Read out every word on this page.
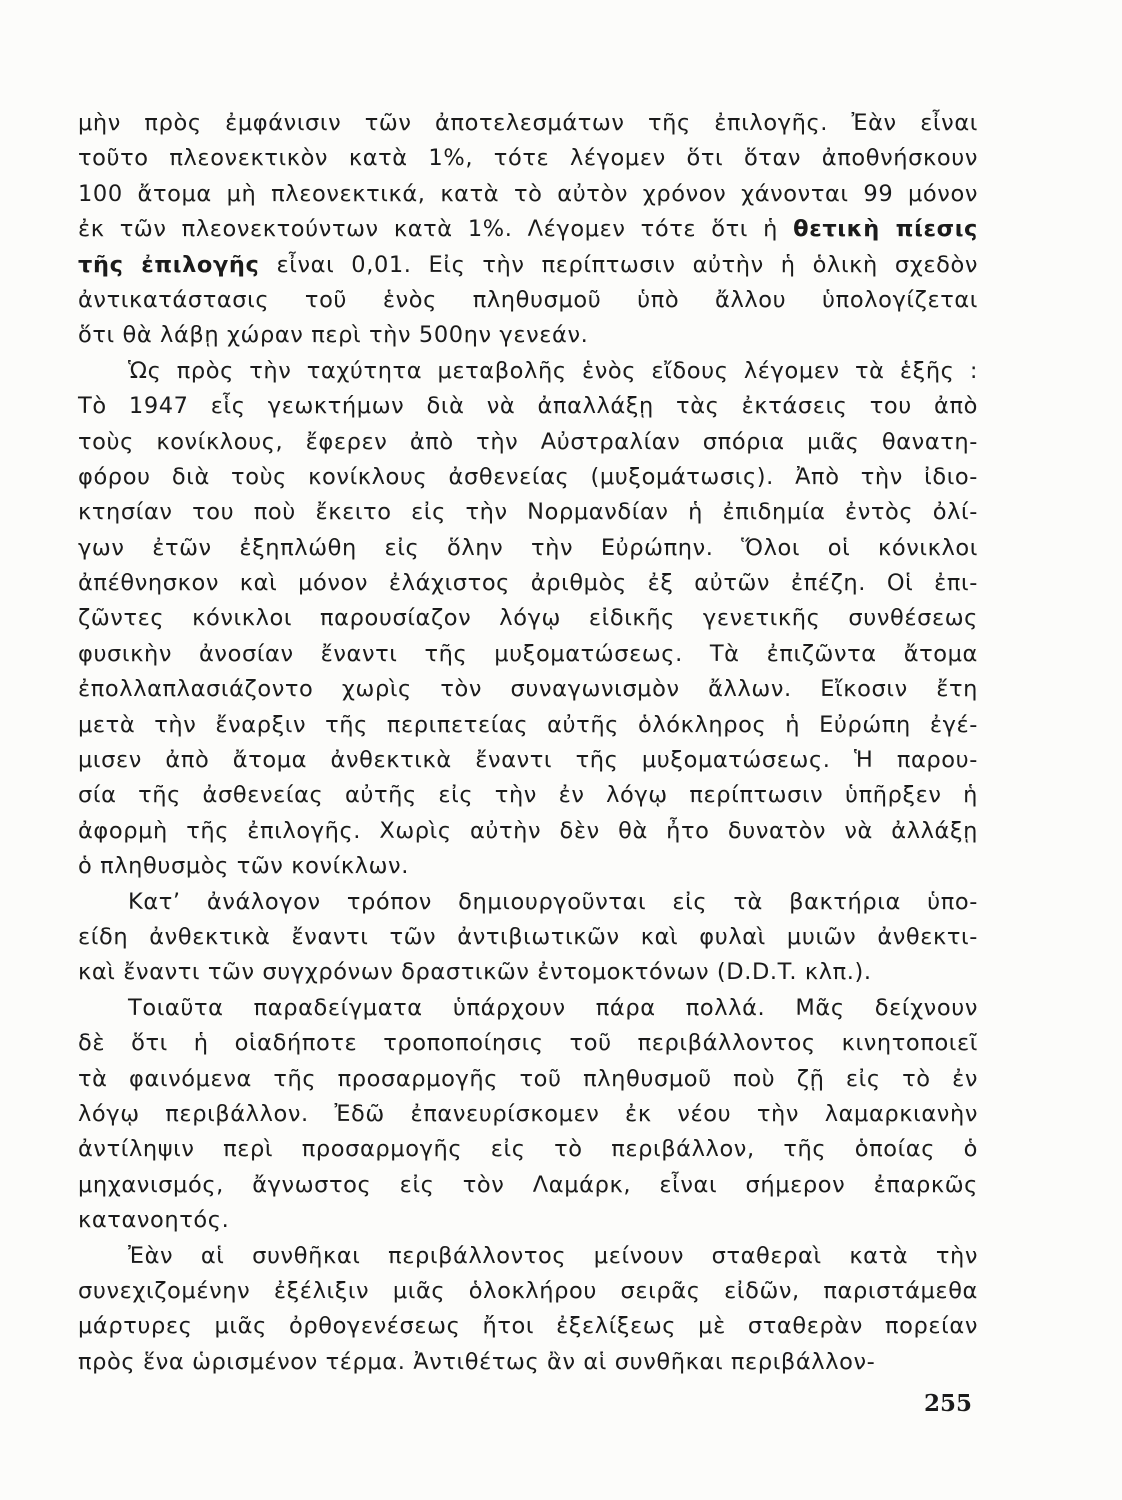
μὴν πρὸς ἐμφάνισιν τῶν ἀποτελεσμάτων τῆς ἐπιλογῆς. Ἐὰν εἶναι
τοῦτο πλεονεκτικὸν κατὰ 1%, τότε λέγομεν ὅτι ὅταν ἀποθνήσκουν
100 ἄτομα μὴ πλεονεκτικά, κατὰ τὸ αὐτὸν χρόνον χάνονται 99 μόνον
ἐκ τῶν πλεονεκτούντων κατὰ 1%. Λέγομεν τότε ὅτι ἡ θετικὴ πίεσις
τῆς ἐπιλογῆς εἶναι 0,01. Εἰς τὴν περίπτωσιν αὐτὴν ἡ ὁλικὴ σχεδὸν
ἀντικατάστασις τοῦ ἑνὸς πληθυσμοῦ ὑπὸ ἄλλου ὑπολογίζεται
ὅτι θὰ λάβῃ χώραν περὶ τὴν 500ην γενεάν.
Ὡς πρὸς τὴν ταχύτητα μεταβολῆς ἑνὸς εἴδους λέγομεν τὰ ἑξῆς :
Τὸ 1947 εἷς γεωκτήμων διὰ νὰ ἀπαλλάξῃ τὰς ἐκτάσεις του ἀπὸ
τοὺς κονίκλους, ἔφερεν ἀπὸ τὴν Αὐστραλίαν σπόρια μιᾶς θανατη-
φόρου διὰ τοὺς κονίκλους ἀσθενείας (μυξομάτωσις). Ἀπὸ τὴν ἰδιο-
κτησίαν του ποὺ ἔκειτο εἰς τὴν Νορμανδίαν ἡ ἐπιδημία ἐντὸς ὀλί-
γων ἐτῶν ἐξηπλώθη εἰς ὅλην τὴν Εὐρώπην. Ὅλοι οἱ κόνικλοι
ἀπέθνησκον καὶ μόνον ἐλάχιστος ἀριθμὸς ἐξ αὐτῶν ἐπέζη. Οἱ ἐπι-
ζῶντες κόνικλοι παρουσίαζον λόγῳ εἰδικῆς γενετικῆς συνθέσεως
φυσικὴν ἀνοσίαν ἔναντι τῆς μυξοματώσεως. Τὰ ἐπιζῶντα ἄτομα
ἐπολλαπλασιάζοντο χωρὶς τὸν συναγωνισμὸν ἄλλων. Εἴκοσιν ἔτη
μετὰ τὴν ἔναρξιν τῆς περιπετείας αὐτῆς ὁλόκληρος ἡ Εὐρώπη ἐγέ-
μισεν ἀπὸ ἄτομα ἀνθεκτικὰ ἔναντι τῆς μυξοματώσεως. Ἡ παρου-
σία τῆς ἀσθενείας αὐτῆς εἰς τὴν ἐν λόγῳ περίπτωσιν ὑπῆρξεν ἡ
ἀφορμὴ τῆς ἐπιλογῆς. Χωρὶς αὐτὴν δὲν θὰ ἦτο δυνατὸν νὰ ἀλλάξῃ
ὁ πληθυσμὸς τῶν κονίκλων.
Κατ’ ἀνάλογον τρόπον δημιουργοῦνται εἰς τὰ βακτήρια ὑπο-
είδη ἀνθεκτικὰ ἔναντι τῶν ἀντιβιωτικῶν καὶ φυλαὶ μυιῶν ἀνθεκτι-
καὶ ἔναντι τῶν συγχρόνων δραστικῶν ἐντομοκτόνων (D.D.T. κλπ.).
Τοιαῦτα παραδείγματα ὑπάρχουν πάρα πολλά. Μᾶς δείχνουν
δὲ ὅτι ἡ οἱαδήποτε τροποποίησις τοῦ περιβάλλοντος κινητοποιεῖ
τὰ φαινόμενα τῆς προσαρμογῆς τοῦ πληθυσμοῦ ποὺ ζῇ εἰς τὸ ἐν
λόγῳ περιβάλλον. Ἐδῶ ἐπανευρίσκομεν ἐκ νέου τὴν λαμαρκιανὴν
ἀντίληψιν περὶ προσαρμογῆς εἰς τὸ περιβάλλον, τῆς ὁποίας ὁ
μηχανισμός, ἄγνωστος εἰς τὸν Λαμάρκ, εἶναι σήμερον ἐπαρκῶς
κατανοητός.
Ἐὰν αἱ συνθῆκαι περιβάλλοντος μείνουν σταθεραὶ κατὰ τὴν
συνεχιζομένην ἐξέλιξιν μιᾶς ὁλοκλήρου σειρᾶς εἰδῶν, παριστάμεθα
μάρτυρες μιᾶς ὀρθογενέσεως ἤτοι ἐξελίξεως μὲ σταθερὰν πορείαν
πρὸς ἕνα ὡρισμένον τέρμα. Ἀντιθέτως ἂν αἱ συνθῆκαι περιβάλλον-
255
